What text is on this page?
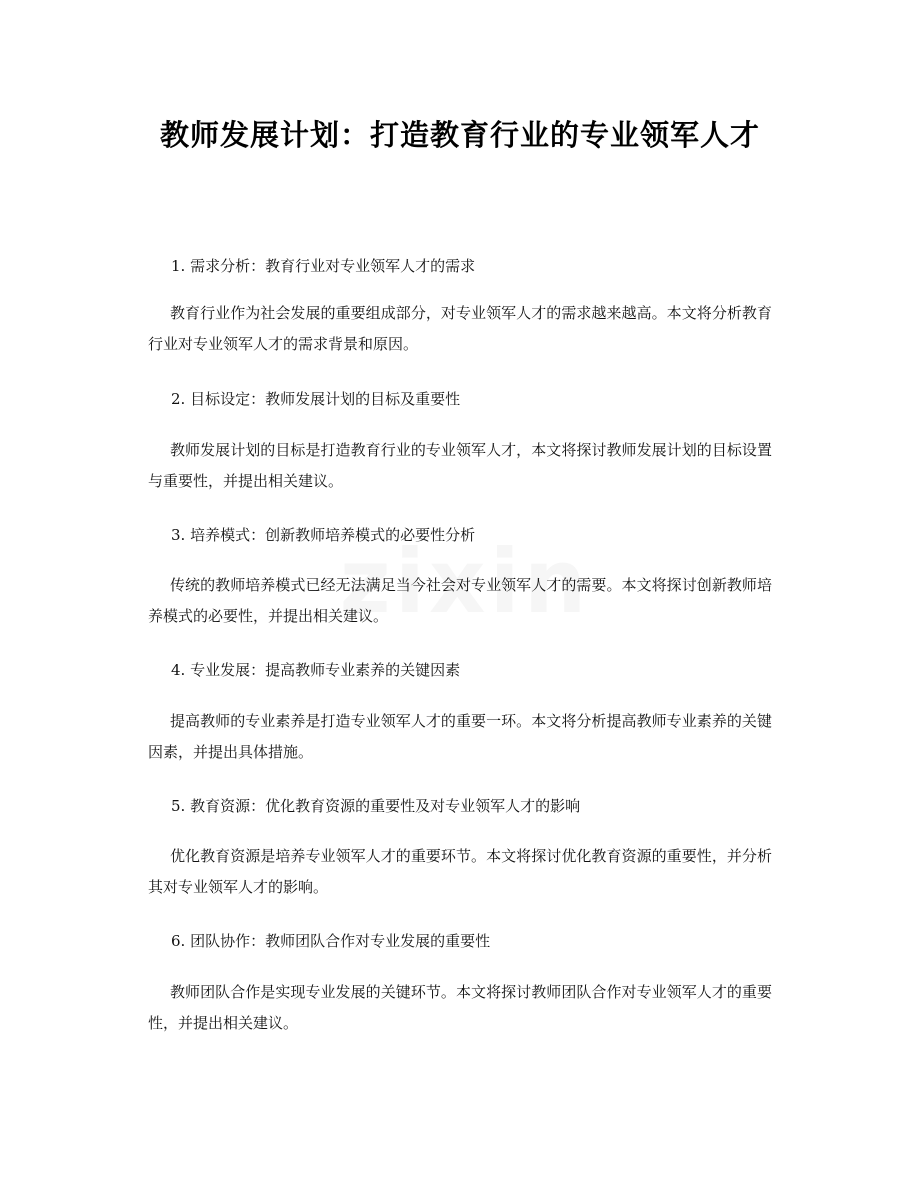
教师发展计划：打造教育行业的专业领军人才

1. 需求分析：教育行业对专业领军人才的需求

教育行业作为社会发展的重要组成部分，对专业领军人才的需求越来越高。本文将分析教育行业对专业领军人才的需求背景和原因。

2. 目标设定：教师发展计划的目标及重要性

教师发展计划的目标是打造教育行业的专业领军人才，本文将探讨教师发展计划的目标设置与重要性，并提出相关建议。

3. 培养模式：创新教师培养模式的必要性分析

传统的教师培养模式已经无法满足当今社会对专业领军人才的需要。本文将探讨创新教师培养模式的必要性，并提出相关建议。

4. 专业发展：提高教师专业素养的关键因素

提高教师的专业素养是打造专业领军人才的重要一环。本文将分析提高教师专业素养的关键因素，并提出具体措施。

5. 教育资源：优化教育资源的重要性及对专业领军人才的影响

优化教育资源是培养专业领军人才的重要环节。本文将探讨优化教育资源的重要性，并分析其对专业领军人才的影响。

6. 团队协作：教师团队合作对专业发展的重要性

教师团队合作是实现专业发展的关键环节。本文将探讨教师团队合作对专业领军人才的重要性，并提出相关建议。
